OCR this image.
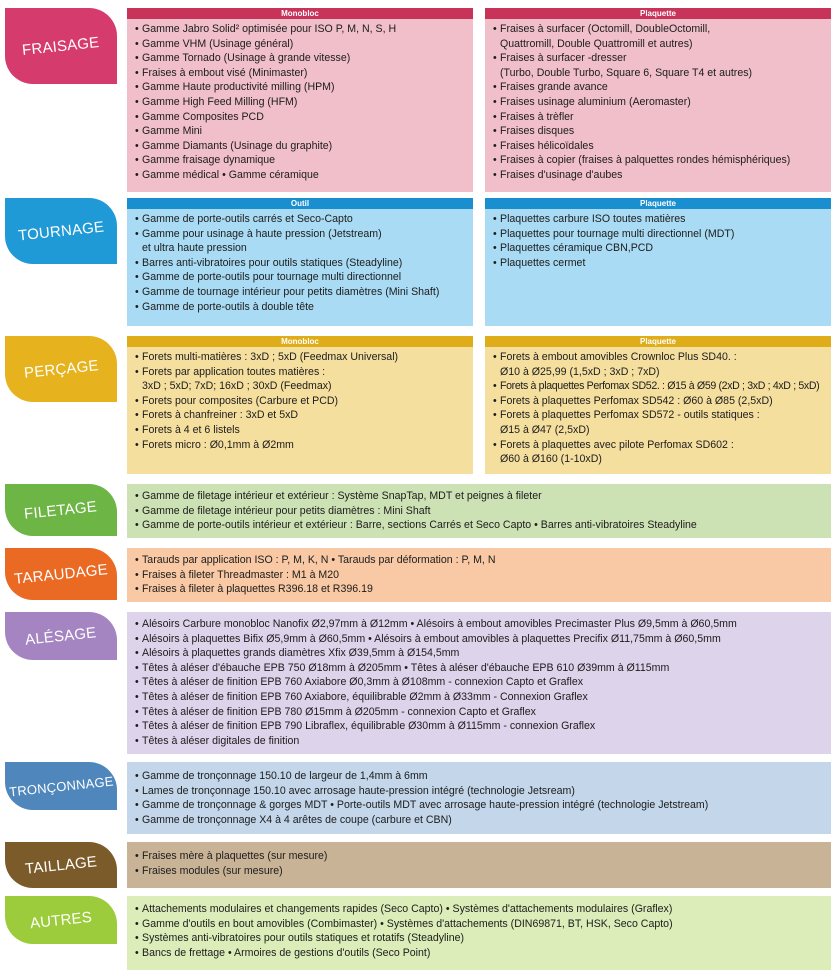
FRAISAGE
Monobloc
• Gamme Jabro Solid² optimisée pour ISO P, M, N, S, H
• Gamme VHM (Usinage général)
• Gamme Tornado (Usinage à grande vitesse)
• Fraises à embout visé (Minimaster)
• Gamme Haute productivité milling (HPM)
• Gamme High Feed Milling (HFM)
• Gamme Composites PCD
• Gamme Mini
• Gamme Diamants (Usinage du graphite)
• Gamme fraisage dynamique
• Gamme médical • Gamme céramique
Plaquette
• Fraises à surfacer (Octomill, DoubleOctomill,
Quattromill, Double Quattromill et autres)
• Fraises à surfacer -dresser
(Turbo, Double Turbo, Square 6, Square T4 et autres)
• Fraises grande avance
• Fraises usinage aluminium (Aeromaster)
• Fraises à trèfler
• Fraises disques
• Fraises hélicoïdales
• Fraises à copier (fraises à palquettes rondes hémisphériques)
• Fraises d'usinage d'aubes
TOURNAGE
Outil
• Gamme de porte-outils carrés et Seco-Capto
• Gamme pour usinage à haute pression (Jetstream)
et ultra haute pression
• Barres anti-vibratoires pour outils statiques (Steadyline)
• Gamme de porte-outils pour tournage multi directionnel
• Gamme de tournage intérieur pour petits diamètres (Mini Shaft)
• Gamme de porte-outils à double tête
Plaquette
• Plaquettes carbure ISO toutes matières
• Plaquettes pour tournage multi directionnel (MDT)
• Plaquettes céramique CBN,PCD
• Plaquettes cermet
PERÇAGE
Monobloc
• Forets multi-matières : 3xD ; 5xD (Feedmax Universal)
• Forets par application toutes matières :
3xD ; 5xD; 7xD; 16xD ; 30xD (Feedmax)
• Forets pour composites (Carbure et PCD)
• Forets à chanfreiner : 3xD et 5xD
• Forets à 4 et 6 listels
• Forets micro : Ø0,1mm à Ø2mm
Plaquette
• Forets à embout amovibles Crownloc Plus SD40. :
Ø10 à Ø25,99 (1,5xD ; 3xD ; 7xD)
• Forets à plaquettes Perfomax SD52. : Ø15 à Ø59 (2xD ; 3xD ; 4xD ; 5xD)
• Forets à plaquettes Perfomax SD542 : Ø60 à Ø85 (2,5xD)
• Forets à plaquettes Perfomax SD572 - outils statiques :
Ø15 à Ø47 (2,5xD)
• Forets à plaquettes avec pilote Perfomax SD602 :
Ø60 à Ø160 (1-10xD)
FILETAGE
• Gamme de filetage intérieur et extérieur : Système SnapTap, MDT et peignes à fileter
• Gamme de filetage intérieur pour petits diamètres : Mini Shaft
• Gamme de porte-outils intérieur et extérieur : Barre, sections Carrés et Seco Capto • Barres anti-vibratoires Steadyline
TARAUDAGE
• Tarauds par application ISO : P, M, K, N • Tarauds par déformation : P, M, N
• Fraises à fileter Threadmaster : M1 à M20
• Fraises à fileter à plaquettes R396.18 et R396.19
ALÉSAGE	• Alésoirs Carbure monobloc Nanofix Ø2,97mm à Ø12mm • Alésoirs à embout amovibles Precimaster Plus Ø9,5mm à Ø60,5mm
• Alésoirs à plaquettes Bifix Ø5,9mm à Ø60,5mm • Alésoirs à embout amovibles à plaquettes Precifix Ø11,75mm à Ø60,5mm
• Alésoirs à plaquettes grands diamètres Xfix Ø39,5mm à Ø154,5mm
• Têtes à aléser d'ébauche EPB 750 Ø18mm à Ø205mm • Têtes à aléser d'ébauche EPB 610 Ø39mm à Ø115mm
• Têtes à aléser de finition EPB 760 Axiabore Ø0,3mm à Ø108mm - connexion Capto et Graflex
• Têtes à aléser de finition EPB 760 Axiabore, équilibrable Ø2mm à Ø33mm - Connexion Graflex
• Têtes à aléser de finition EPB 780 Ø15mm à Ø205mm - connexion Capto et Graflex
• Têtes à aléser de finition EPB 790 Libraflex, équilibrable Ø30mm à Ø115mm - connexion Graflex
• Têtes à aléser digitales de finition
TRONÇONNAGE	• Gamme de tronçonnage 150.10 de largeur de 1,4mm à 6mm
• Lames de tronçonnage 150.10 avec arrosage haute-pression intégré (technologie Jetsream)
• Gamme de tronçonnage & gorges MDT • Porte-outils MDT avec arrosage haute-pression intégré (technologie Jetstream)
• Gamme de tronçonnage X4 à 4 arêtes de coupe (carbure et CBN)
TAILLAGE	• Fraises mère à plaquettes (sur mesure)
• Fraises modules (sur mesure)
AUTRES	• Attachements modulaires et changements rapides (Seco Capto) • Systèmes d'attachements modulaires (Graflex)
• Gamme d'outils en bout amovibles (Combimaster) • Systèmes d'attachements (DIN69871, BT, HSK, Seco Capto)
• Systèmes anti-vibratoires pour outils statiques et rotatifs (Steadyline)
• Bancs de frettage • Armoires de gestions d'outils (Seco Point)
